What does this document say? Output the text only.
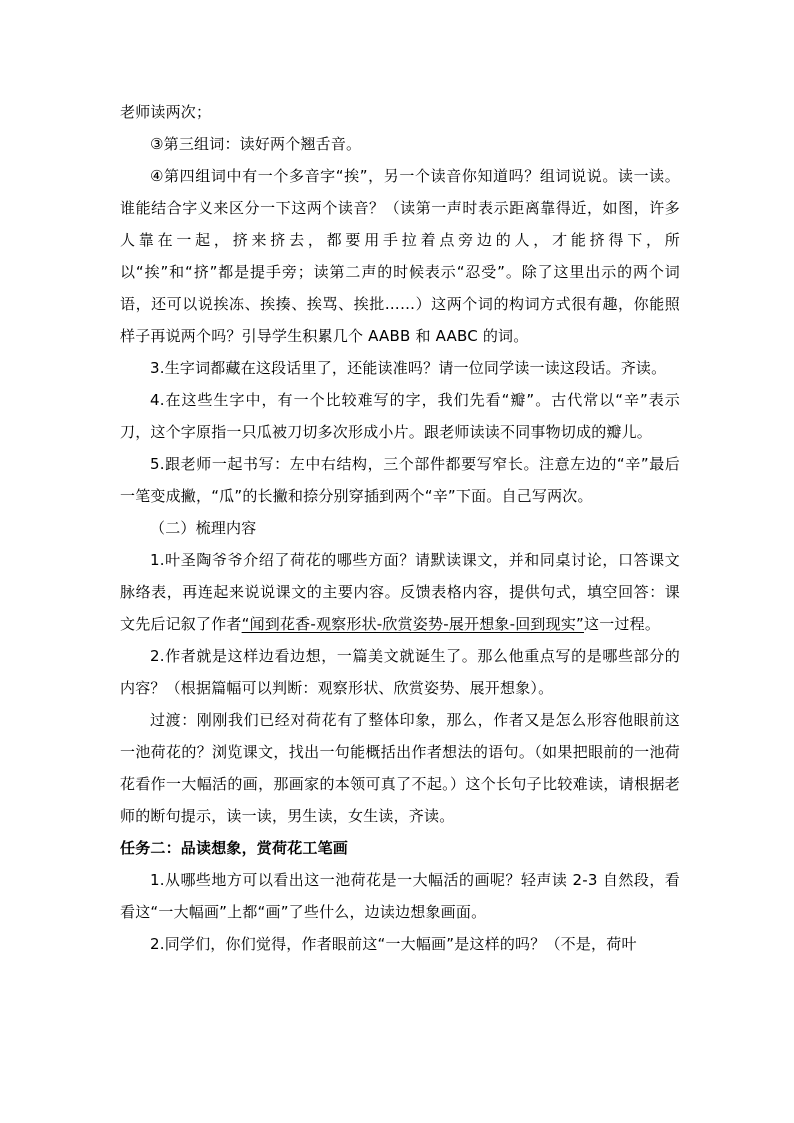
老师读两次；

③第三组词：读好两个翘舌音。

④第四组词中有一个多音字“挨”，另一个读音你知道吗？组词说说。读一读。谁能结合字义来区分一下这两个读音？（读第一声时表示距离靠得近，如图，许多人靠在一起，挤来挤去，都要用手拉着点旁边的人，才能挤得下，所以“挨”和“挤”都是提手旁；读第二声的时候表示“忍受”。除了这里出示的两个词语，还可以说挨冻、挨揍、挨骂、挨批……）这两个词的构词方式很有趣，你能照样子再说两个吗？引导学生积累几个 AABB 和 AABC 的词。

3.生字词都藏在这段话里了，还能读准吗？请一位同学读一读这段话。齐读。

4.在这些生字中，有一个比较难写的字，我们先看“瓣”。古代常以“辛”表示刀，这个字原指一只瓜被刀切多次形成小片。跟老师读读不同事物切成的瓣儿。

5.跟老师一起书写：左中右结构，三个部件都要写窄长。注意左边的“辛”最后一笔变成撇，“瓜”的长撇和捺分别穿插到两个“辛”下面。自己写两次。

（二）梳理内容

1.叶圣陶爷爷介绍了荷花的哪些方面？请默读课文，并和同桌讨论，口答课文脉络表，再连起来说说课文的主要内容。反馈表格内容，提供句式，填空回答：课文先后记叙了作者“闻到花香-观察形状-欣赏姿势-展开想象-回到现实”这一过程。

2.作者就是这样边看边想，一篇美文就诞生了。那么他重点写的是哪些部分的内容？（根据篇幅可以判断：观察形状、欣赏姿势、展开想象）。

过渡：刚刚我们已经对荷花有了整体印象，那么，作者又是怎么形容他眼前这一池荷花的？浏览课文，找出一句能概括出作者想法的语句。（如果把眼前的一池荷花看作一大幅活的画，那画家的本领可真了不起。）这个长句子比较难读，请根据老师的断句提示，读一读，男生读，女生读，齐读。

任务二：品读想象，赏荷花工笔画

1.从哪些地方可以看出这一池荷花是一大幅活的画呢？轻声读 2-3 自然段，看看这“一大幅画”上都“画”了些什么，边读边想象画面。

2.同学们，你们觉得，作者眼前这“一大幅画”是这样的吗？（不是，荷叶
